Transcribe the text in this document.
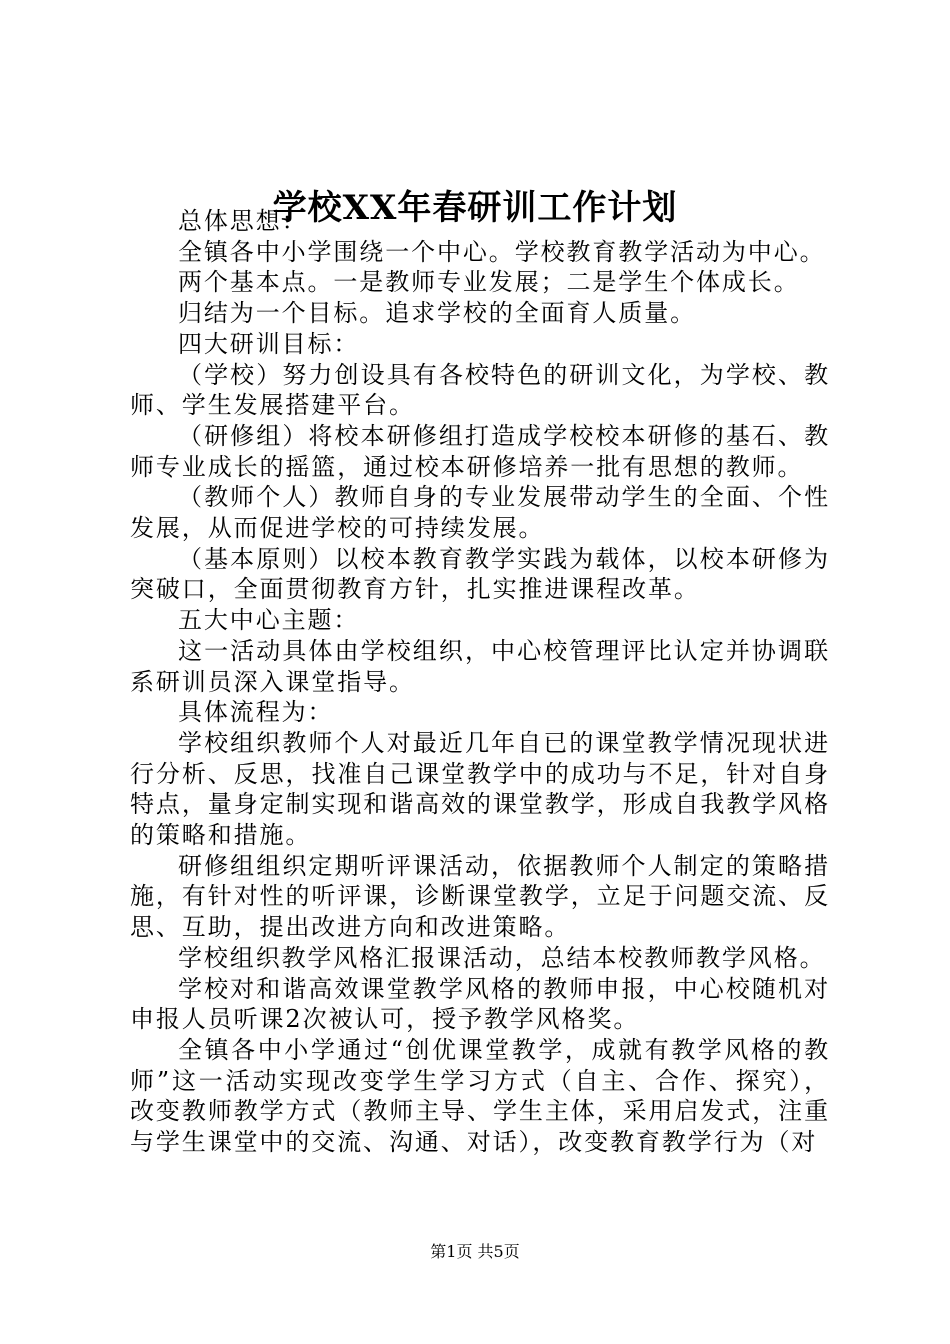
学校XX年春研训工作计划

总体思想：

全镇各中小学围绕一个中心。学校教育教学活动为中心。

两个基本点。一是教师专业发展；二是学生个体成长。

归结为一个目标。追求学校的全面育人质量。

四大研训目标：

（学校）努力创设具有各校特色的研训文化，为学校、教师、学生发展搭建平台。

（研修组）将校本研修组打造成学校校本研修的基石、教师专业成长的摇篮，通过校本研修培养一批有思想的教师。

（教师个人）教师自身的专业发展带动学生的全面、个性发展，从而促进学校的可持续发展。

（基本原则）以校本教育教学实践为载体，以校本研修为突破口，全面贯彻教育方针，扎实推进课程改革。

五大中心主题：

这一活动具体由学校组织，中心校管理评比认定并协调联系研训员深入课堂指导。

具体流程为：

学校组织教师个人对最近几年自已的课堂教学情况现状进行分析、反思，找准自己课堂教学中的成功与不足，针对自身特点，量身定制实现和谐高效的课堂教学，形成自我教学风格的策略和措施。

研修组组织定期听评课活动，依据教师个人制定的策略措施，有针对性的听评课，诊断课堂教学，立足于问题交流、反思、互助，提出改进方向和改进策略。

学校组织教学风格汇报课活动，总结本校教师教学风格。

学校对和谐高效课堂教学风格的教师申报，中心校随机对申报人员听课2次被认可，授予教学风格奖。

全镇各中小学通过“创优课堂教学，成就有教学风格的教师”这一活动实现改变学生学习方式（自主、合作、探究），改变教师教学方式（教师主导、学生主体，采用启发式，注重与学生课堂中的交流、沟通、对话），改变教育教学行为（对

第1页 共5页
